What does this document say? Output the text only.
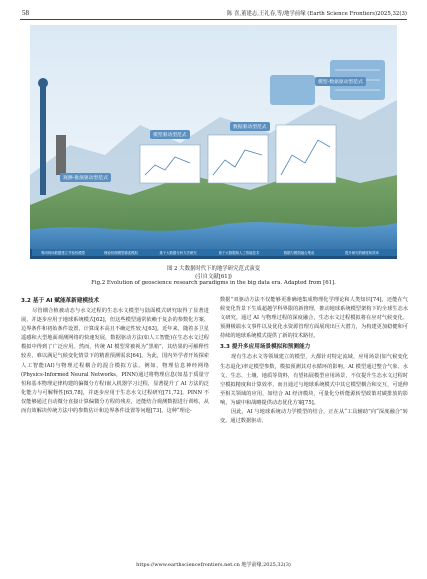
58	陈 喜,董建志,王礼春,等/地学前缘 (Earth Science Frontiers)2025,32(3)
观测-推演驱动型范式
模型驱动型范式
数据驱动型范式
模型-数据驱动型范式
利用现场数据建立并检验模型	理论机理模型描述模拟	基于大数据分析方法研究	基于大数据和人工智能技术	数据与模型融合集成	提升研究的精度和效率
图 2 大数据时代下的地学研究范式演变
(引自文献[61])
Fig.2 Evolution of geoscience research paradigms in the big data era. Adapted from [61].
3.2 基于 AI 赋能革新建模技术

尽管耦合植被动态与水文过程的生态水文模型与陆面模式研究取得了显著进展，并逐步应用于地球系统模式[62]，但这些模型通常依赖于复杂的参数化方案、边界条件和初始条件设置，计算成本高且不确定性较大[63]。近年来，随着多卫星遥感和大型地面观测网络的快速发展，数据驱动方法(如人工智能)在生态水文过程模拟中得到了广泛应用。然而，传统 AI 模型常被视为“黑箱”，其结果的可解释性较差，难以满足气候变化情景下的精准预测需求[64]。为此，国内外学者开始探索人工智能(AI)与物理过程耦合的混合模拟方法。例如，物理信息神经网络(Physics-Informed Neural Networks，PINN)通过将物理信息(如基于质量守恒和基本物理定律构建的偏微分方程)嵌入机器学习过程，显著提升了 AI 方法的泛化能力与可解释性[65,78]，并逐步应用于生态水文过程研究[71,72]。PINN 不仅能够通过自动微分直接计算偏微分方程的残差，还能结合观测数据进行训练，从而有效解决传统方法中的参数估计和边界条件设置等问题[73]。这种“理论-

数据”双驱动方法不仅能够更准确地集成物理化学理论和人类知识[74]，还能在气候变化背景下生成超越学科界限的新推理，推动地球系统模型架构下的全球生态水文研究。通过 AI 与物理过程的深度融合，生态水文过程模拟将在应对气候变化、预测极端水文事件以及优化水资源管理方面展现出巨大潜力，为构建更加稳健和可持续的地球系统模式提供了新的技术路径。

3.3 提升多应用场景模拟和预测能力

现有生态水文等领域建立的模型，大都针对特定流域、应用场景(如气候变化生态退化)率定模型参数，模拟预测其对水循环的影响。AI 模型通过整合气象、水文、生态、土壤、地质等资料，有望拓展模型应用场景，不仅提升生态水文过程时空模拟精度和计算效率，而且通过与地球系统模式中其它模型耦合和交互，可延伸至相关领域的应用，如结合 AI 经济模块，可量化分析能源转型政策对碳排放的影响，为碳中和战略提供动态优化方案[75]。

因此，AI 与地球系统动力学模型的结合，正在从“工具辅助”向“深度融合”转变。通过数据驱动、

https://www.earthsciencefrontiers.net.cn 地学前缘,2025,32(3)
